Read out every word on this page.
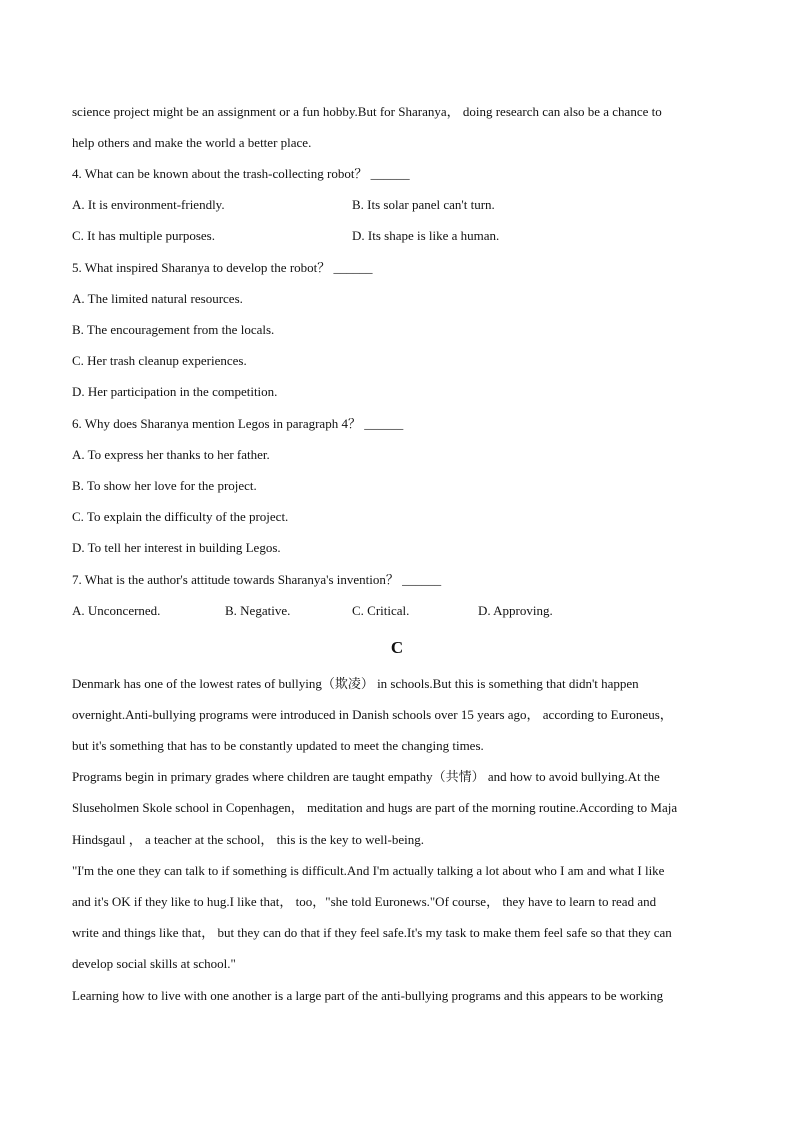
science project might be an assignment or a fun hobby.But for Sharanya， doing research can also be a chance to
help others and make the world a better place.
4. What can be known about the trash-collecting robot？ ______
A. It is environment-friendly.	B. Its solar panel can't turn.
C. It has multiple purposes.	D. Its shape is like a human.
5. What inspired Sharanya to develop the robot？ ______
A. The limited natural resources.
B. The encouragement from the locals.
C. Her trash cleanup experiences.
D. Her participation in the competition.
6. Why does Sharanya mention Legos in paragraph 4？ ______
A. To express her thanks to her father.
B. To show her love for the project.
C. To explain the difficulty of the project.
D. To tell her interest in building Legos.
7. What is the author's attitude towards Sharanya's invention？ ______
A. Unconcerned.	B. Negative.	C. Critical.	D. Approving.
C
Denmark has one of the lowest rates of bullying（欺凌） in schools.But this is something that didn't happen
overnight.Anti-bullying programs were introduced in Danish schools over 15 years ago， according to Euroneus，
but it's something that has to be constantly updated to meet the changing times.
Programs begin in primary grades where children are taught empathy（共情） and how to avoid bullying.At the
Sluseholmen Skole school in Copenhagen， meditation and hugs are part of the morning routine.According to Maja
Hindsgaul ， a teacher at the school， this is the key to well-being.
"I'm the one they can talk to if something is difficult.And I'm actually talking a lot about who I am and what I like
and it's OK if they like to hug.I like that， too，"she told Euronews."Of course， they have to learn to read and
write and things like that， but they can do that if they feel safe.It's my task to make them feel safe so that they can
develop social skills at school."
Learning how to live with one another is a large part of the anti-bullying programs and this appears to be working
